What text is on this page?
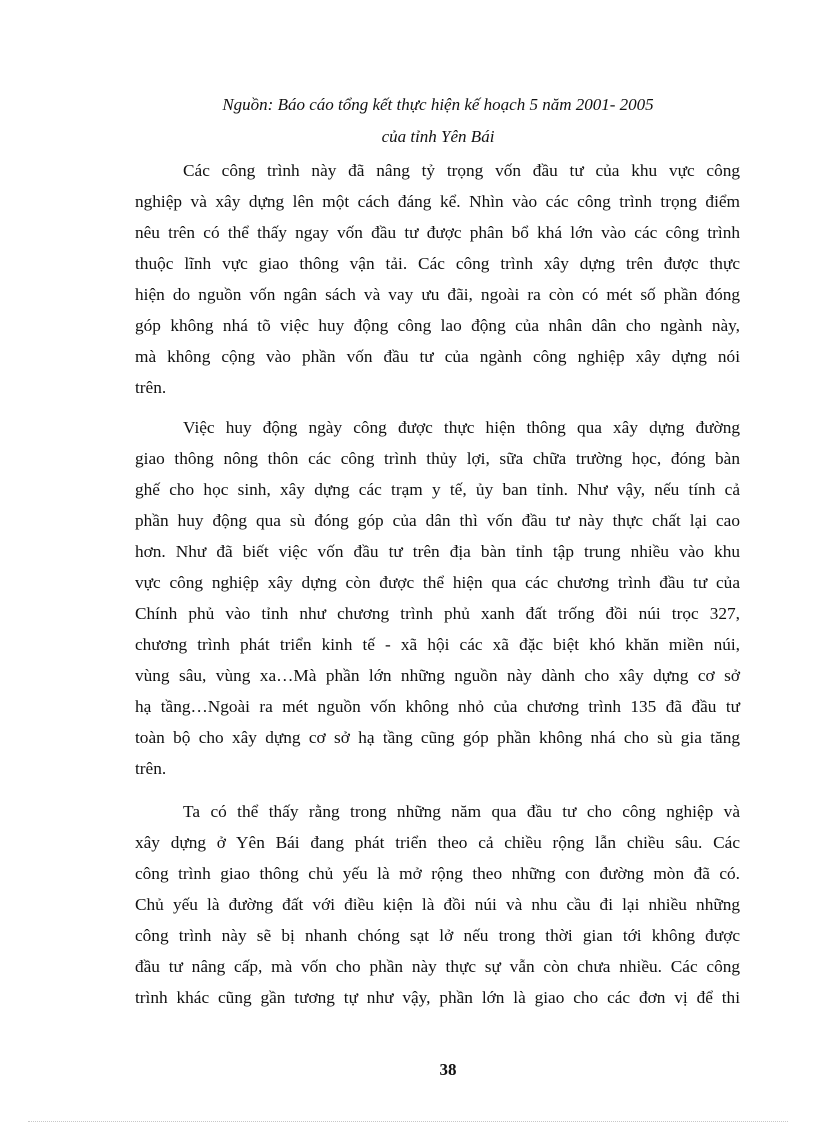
Nguồn: Báo cáo tổng kết thực hiện kế hoạch 5 năm 2001- 2005
của tỉnh Yên Bái
Các công trình này đã nâng tỷ trọng vốn đầu tư của khu vực công
nghiệp và xây dựng lên một cách đáng kể. Nhìn vào các công trình trọng điểm
nêu trên có thể thấy ngay vốn đầu tư được phân bổ khá lớn vào các công trình
thuộc lĩnh vực giao thông vận tải. Các công trình xây dựng trên được thực
hiện do nguồn vốn ngân sách và vay ưu đãi, ngoài ra còn có mét số phần đóng
góp không nhá tõ việc huy động công lao động của nhân dân cho ngành này,
mà không cộng vào phần vốn đầu tư của ngành công nghiệp xây dựng nói
trên.
Việc huy động ngày công được thực hiện thông qua xây dựng đường
giao thông nông thôn các công trình thủy lợi, sữa chữa trường học, đóng bàn
ghế cho học sinh, xây dựng các trạm y tế, ủy ban tỉnh. Như vậy, nếu tính cả
phần huy động qua sù đóng góp của dân thì vốn đầu tư này thực chất lại cao
hơn. Như đã biết việc vốn đầu tư trên địa bàn tỉnh tập trung nhiều vào khu
vực công nghiệp xây dựng còn được thể hiện qua các chương trình đầu tư của
Chính phủ vào tỉnh như chương trình phủ xanh đất trống đồi núi trọc 327,
chương trình phát triển kinh tế - xã hội các xã đặc biệt khó khăn miền núi,
vùng sâu, vùng xa…Mà phần lớn những nguồn này dành cho xây dựng cơ sở
hạ tầng…Ngoài ra mét nguồn vốn không nhỏ của chương trình 135 đã đầu tư
toàn bộ cho xây dựng cơ sở hạ tầng cũng góp phần không nhá cho sù gia tăng
trên.
Ta có thể thấy rằng trong những năm qua đầu tư cho công nghiệp và
xây dựng ở Yên Bái đang phát triển theo cả chiều rộng lẫn chiều sâu. Các
công trình giao thông chủ yếu là mở rộng theo những con đường mòn đã có.
Chủ yếu là đường đất với điều kiện là đồi núi và nhu cầu đi lại nhiều những
công trình này sẽ bị nhanh chóng sạt lở nếu trong thời gian tới không được
đầu tư nâng cấp, mà vốn cho phần này thực sự vẫn còn chưa nhiều. Các công
trình khác cũng gần tương tự như vậy, phần lớn là giao cho các đơn vị để thi
38
